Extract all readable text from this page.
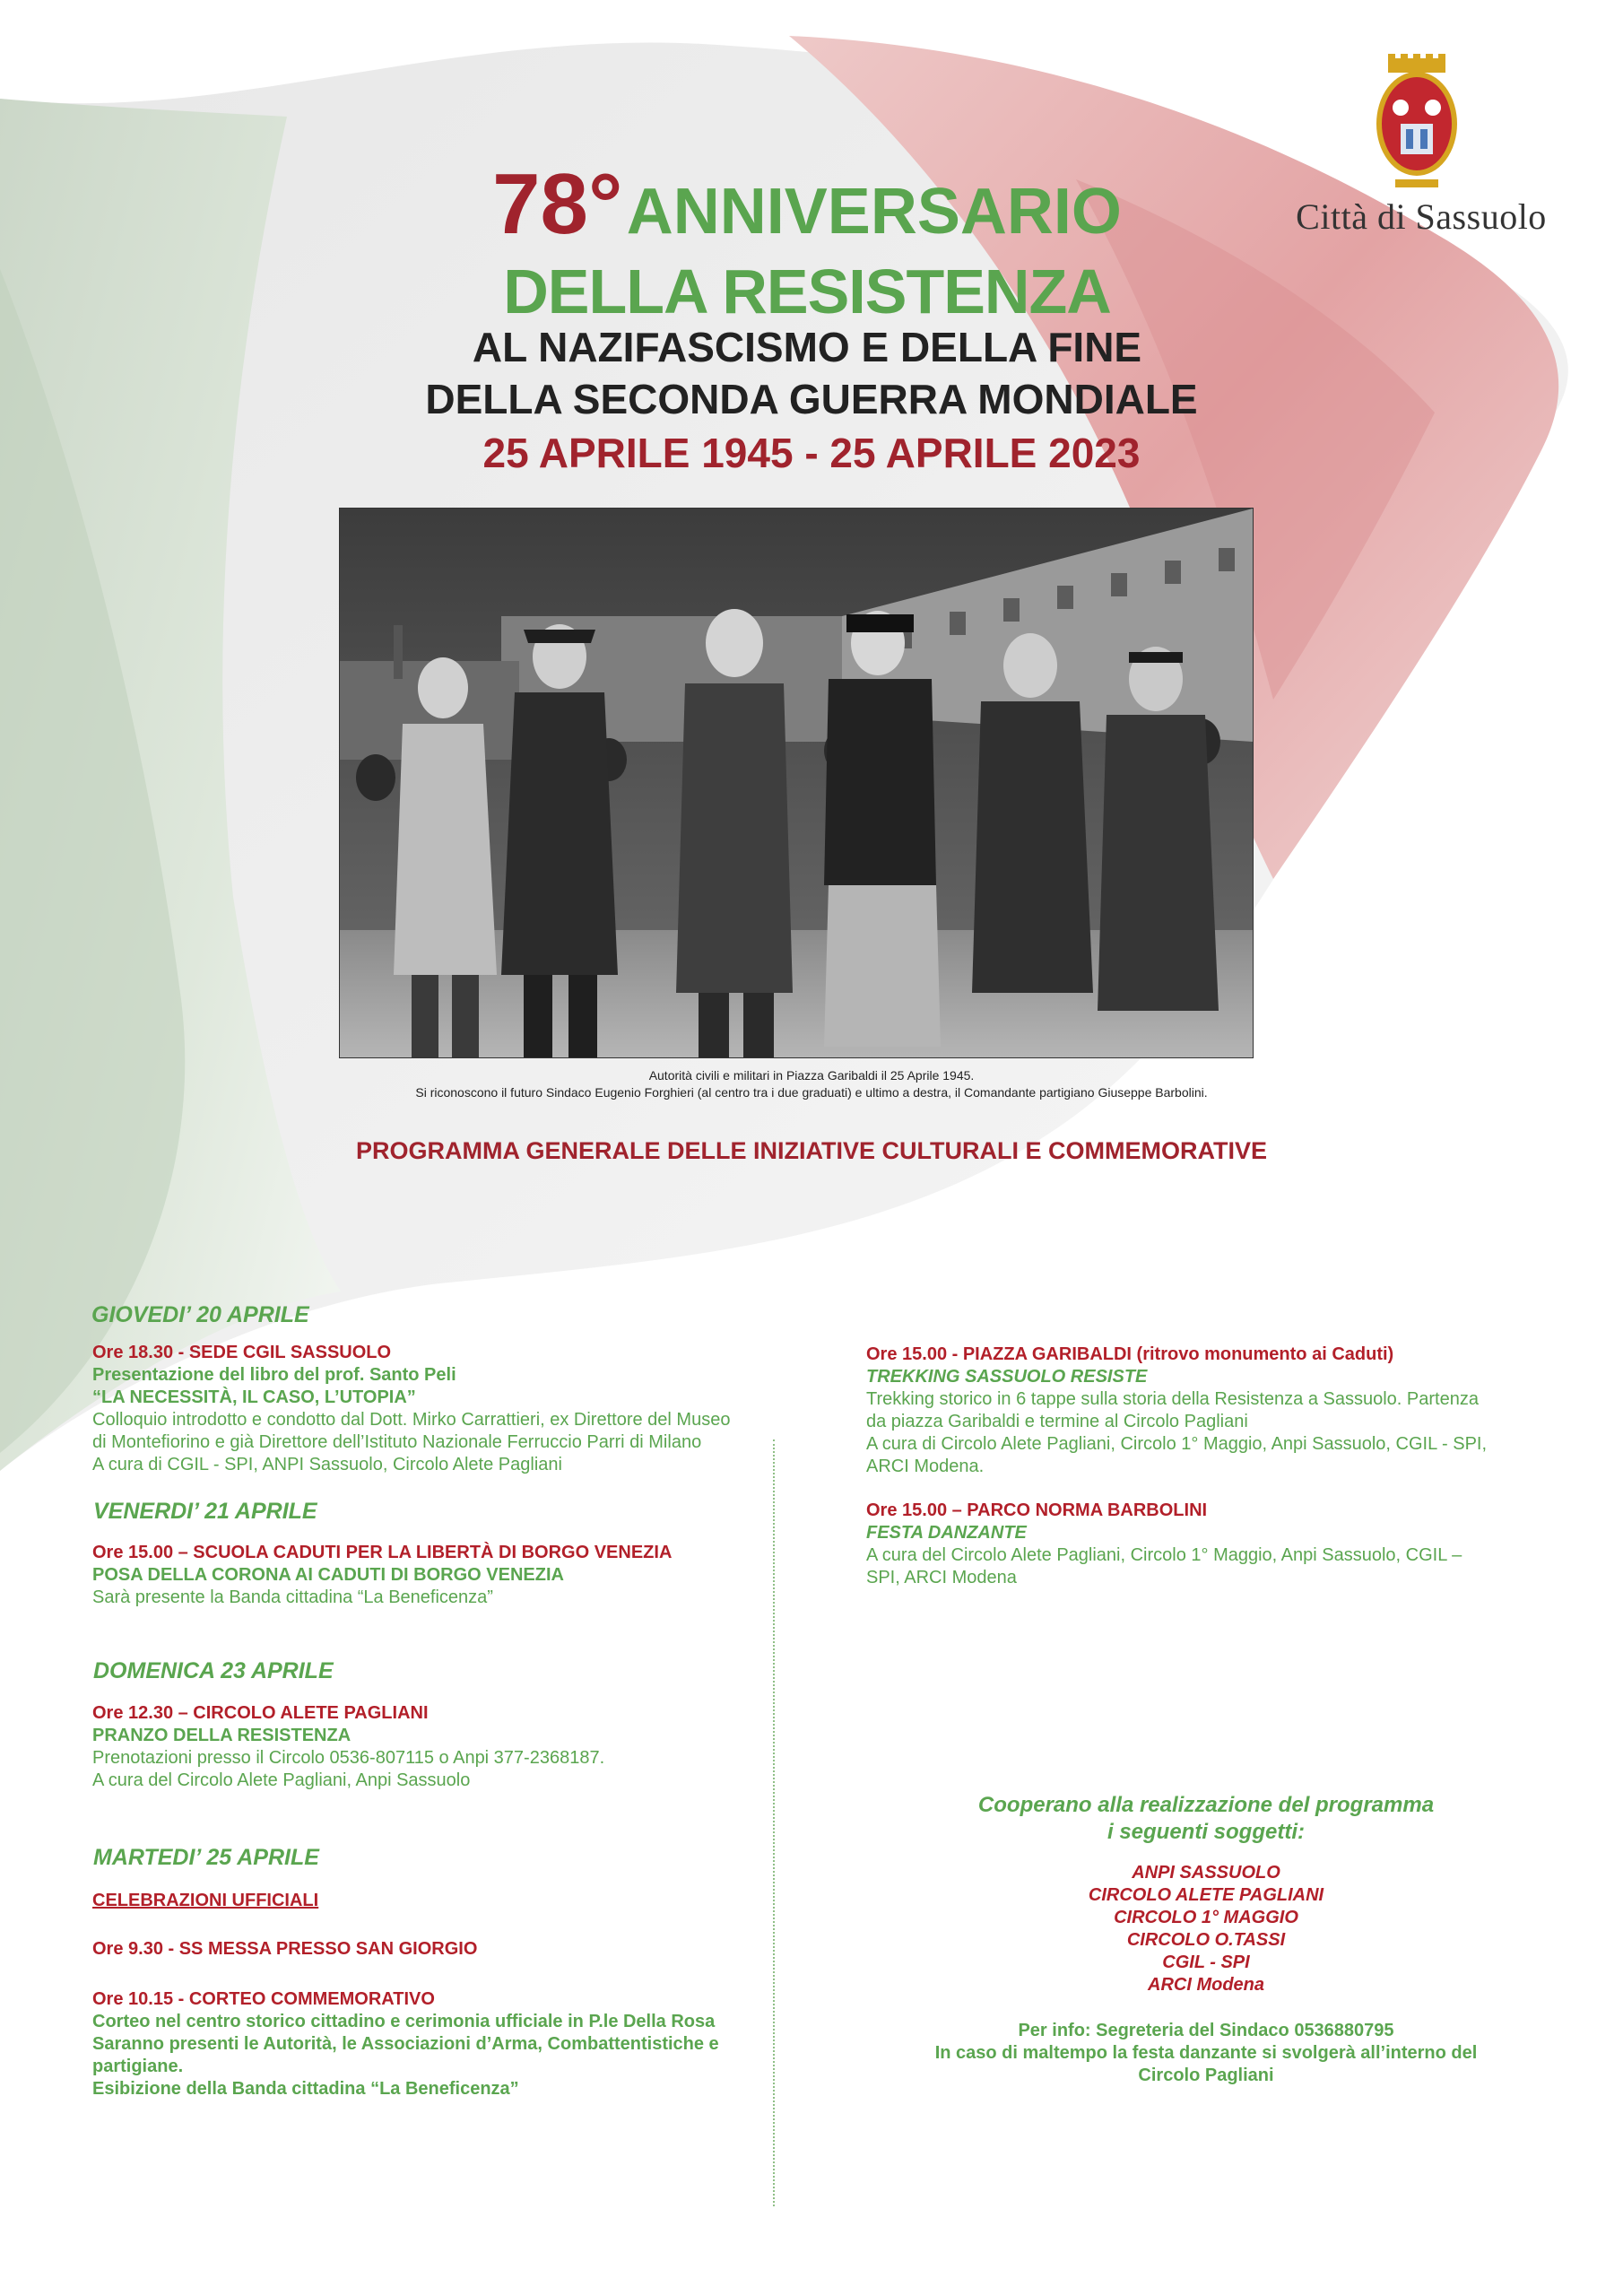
Città di Sassuolo
78° ANNIVERSARIO
DELLA RESISTENZA
AL NAZIFASCISMO E DELLA FINE
DELLA SECONDA GUERRA MONDIALE
25 APRILE 1945 - 25 APRILE 2023
Autorità civili e militari in Piazza Garibaldi il 25 Aprile 1945.
Si riconoscono il futuro Sindaco Eugenio Forghieri (al centro tra i due graduati) e ultimo a destra, il Comandante partigiano Giuseppe Barbolini.
PROGRAMMA GENERALE DELLE INIZIATIVE CULTURALI E COMMEMORATIVE
GIOVEDI’ 20 APRILE
Ore 18.30 - SEDE CGIL SASSUOLO
Presentazione del libro del prof. Santo Peli
“LA NECESSITÀ, IL CASO, L’UTOPIA”
Colloquio introdotto e condotto dal Dott. Mirko Carrattieri, ex Direttore del Museo
di Montefiorino e già Direttore dell’Istituto Nazionale Ferruccio Parri di Milano
A cura di CGIL - SPI, ANPI Sassuolo, Circolo Alete Pagliani
VENERDI’ 21 APRILE
Ore 15.00 – SCUOLA CADUTI PER LA LIBERTÀ DI BORGO VENEZIA
POSA DELLA CORONA AI CADUTI DI BORGO VENEZIA
Sarà presente la Banda cittadina “La Beneficenza”
DOMENICA 23 APRILE
Ore 12.30 – CIRCOLO ALETE PAGLIANI
PRANZO DELLA RESISTENZA
Prenotazioni presso il Circolo 0536-807115 o Anpi 377-2368187.
A cura del Circolo Alete Pagliani, Anpi Sassuolo
MARTEDI’ 25 APRILE
CELEBRAZIONI UFFICIALI
Ore 9.30 - SS MESSA PRESSO SAN GIORGIO
Ore 10.15 - CORTEO COMMEMORATIVO
Corteo nel centro storico cittadino e cerimonia ufficiale in P.le Della Rosa
Saranno presenti le Autorità, le Associazioni d’Arma, Combattentistiche e
partigiane.
Esibizione della Banda cittadina “La Beneficenza”
Ore 15.00 - PIAZZA GARIBALDI (ritrovo monumento ai Caduti)
TREKKING SASSUOLO RESISTE
Trekking storico in 6 tappe sulla storia della Resistenza a Sassuolo. Partenza
da piazza Garibaldi e termine al Circolo Pagliani
A cura di Circolo Alete Pagliani, Circolo 1° Maggio, Anpi Sassuolo, CGIL - SPI,
ARCI Modena.
Ore 15.00 – PARCO NORMA BARBOLINI
FESTA DANZANTE
A cura del Circolo Alete Pagliani, Circolo 1° Maggio, Anpi Sassuolo, CGIL –
SPI, ARCI Modena
Cooperano alla realizzazione del programma
i seguenti soggetti:
ANPI SASSUOLO
CIRCOLO ALETE PAGLIANI
CIRCOLO 1° MAGGIO
CIRCOLO O.TASSI
CGIL - SPI
ARCI Modena
Per info: Segreteria del Sindaco 0536880795
In caso di maltempo la festa danzante si svolgerà all’interno del
Circolo Pagliani
